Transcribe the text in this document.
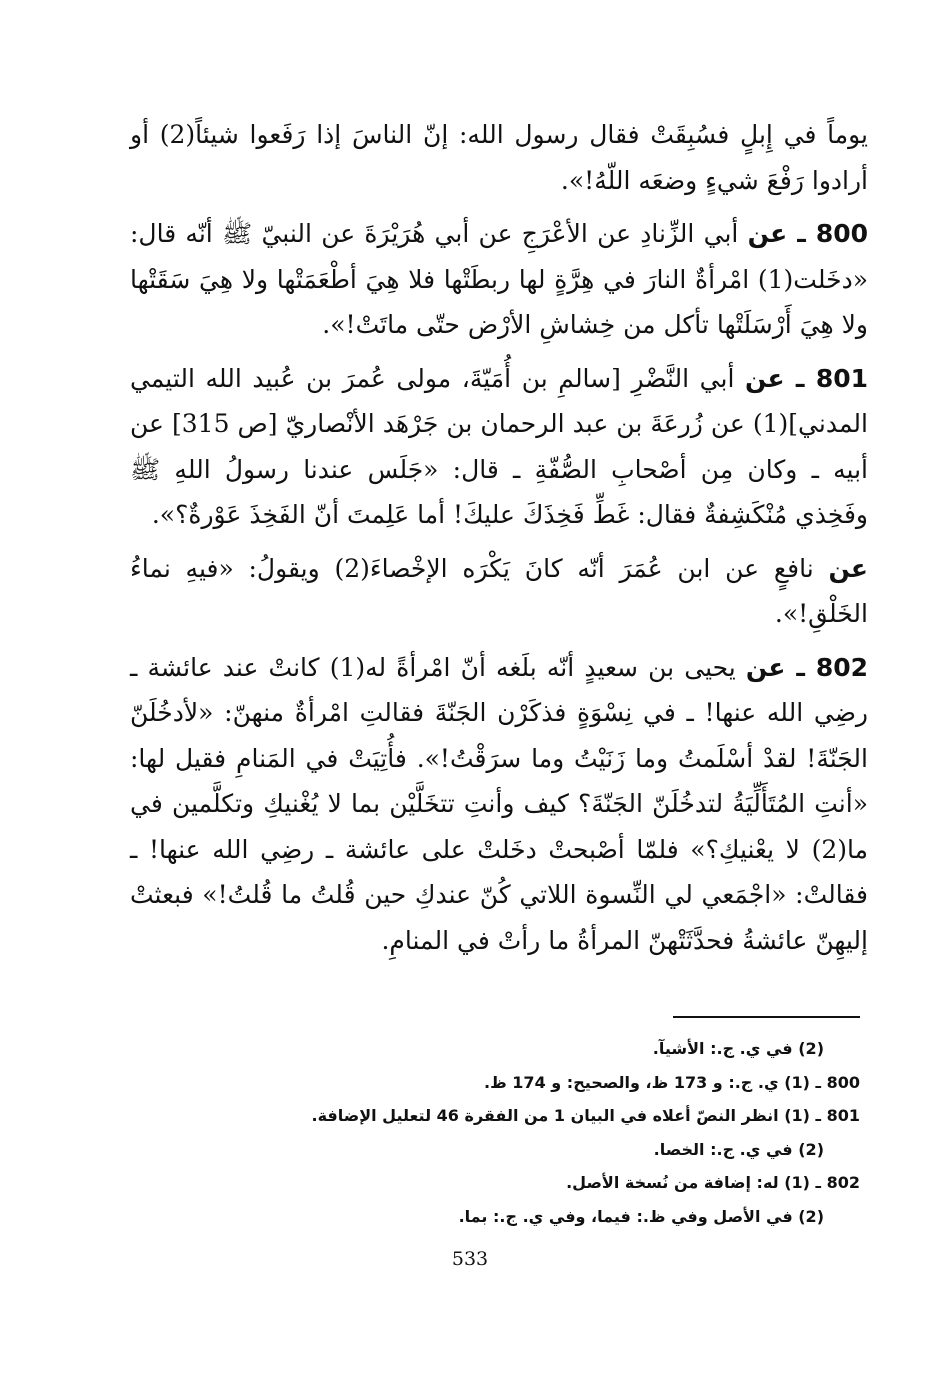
يوماً في إِبلٍ فسُبِقَتْ فقال رسول الله: إنّ الناسَ إذا رَفَعوا شيئاً(2) أو أرادوا رَفْعَ شيءٍ وضعَه اللّهُ!».

800 ـ عن أبي الزِّنادِ عن الأعْرَجِ عن أبي هُرَيْرَةَ عن النبيّ ﷺ أنّه قال: «دخَلت(1) امْرأةٌ النارَ في هِرَّةٍ لها ربطَتْها فلا هِيَ أطْعَمَتْها ولا هِيَ سَقَتْها ولا هِيَ أَرْسَلَتْها تأكل من خِشاشِ الأرْض حتّى ماتَتْ!».

801 ـ عن أبي النَّضْرِ [سالمِ بن أُمَيّةَ، مولى عُمرَ بن عُبيد الله التيمي المدني](1) عن زُرعَةَ بن عبد الرحمان بن جَرْهَد الأنْصاريّ [ص 315] عن أبيه ـ وكان مِن أصْحابِ الصُّفّةِ ـ قال: «جَلَس عندنا رسولُ اللهِ ﷺ وفَخِذي مُنْكَشِفةٌ فقال: غَطِّ فَخِذَكَ عليكَ! أما عَلِمتَ أنّ الفَخِذَ عَوْرةٌ؟».

عن نافعٍ عن ابن عُمَرَ أنّه كانَ يَكْرَه الإخْصاءَ(2) ويقولُ: «فيهِ نماءُ الخَلْقِ!».

802 ـ عن يحيى بن سعيدٍ أنّه بلَغه أنّ امْرأةً له(1) كانتْ عند عائشة ـ رضِي الله عنها! ـ في نِسْوَةٍ فذكَرْن الجَنّةَ فقالتِ امْرأةٌ منهنّ: «لأدخُلَنّ الجَنّةَ! لقدْ أسْلَمتُ وما زَنَيْتُ وما سرَقْتُ!». فأُتِيَتْ في المَنامِ فقيل لها: «أنتِ المُتَأَلِّيَةُ لتدخُلَنّ الجَنّةَ؟ كيف وأنتِ تتخَلَّيْن بما لا يُغْنيكِ وتكلَّمين في ما(2) لا يعْنيكِ؟» فلمّا أصْبحتْ دخَلتْ على عائشة ـ رضِي الله عنها! ـ فقالتْ: «اجْمَعي لي النِّسوة اللاتي كُنّ عندكِ حين قُلتُ ما قُلتُ!» فبعثتْ إليهِنّ عائشةُ فحدَّثَتْهنّ المرأةُ ما رأتْ في المنامِ.

(2) في ي. ج.: الأشيآ.
800 ـ (1) ي. ج.: و 173 ظ، والصحيح: و 174 ظ.
801 ـ (1) انظر النصّ أعلاه في البيان 1 من الفقرة 46 لتعليل الإضافة.
(2) في ي. ج.: الخصا.
802 ـ (1) له: إضافة من نُسخة الأصل.
(2) في الأصل وفي ظ.: فيما، وفي ي. ج.: بما.
533
